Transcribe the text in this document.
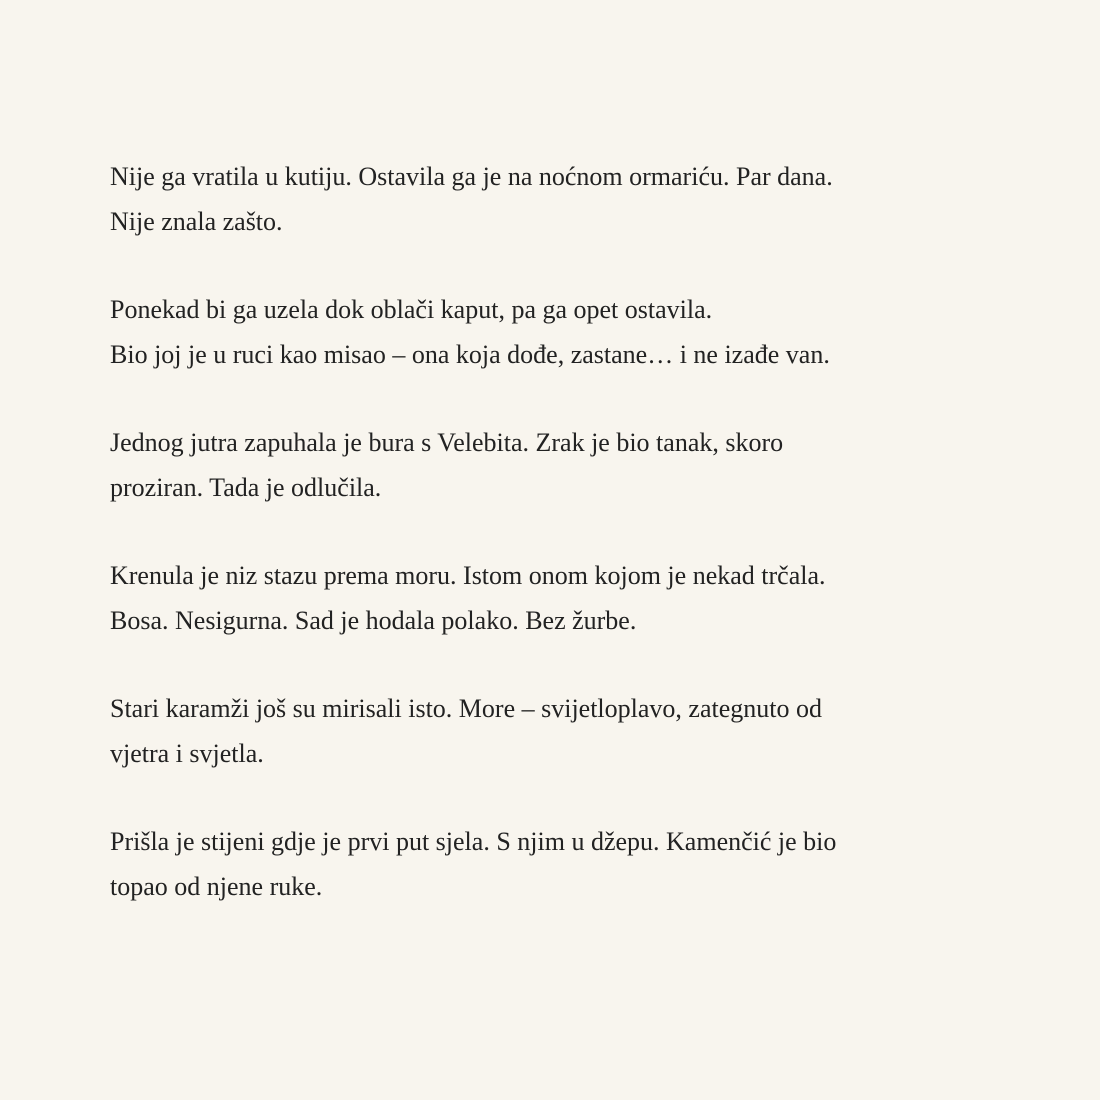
Nije ga vratila u kutiju. Ostavila ga je na noćnom ormariću. Par dana.
Nije znala zašto.
Ponekad bi ga uzela dok oblači kaput, pa ga opet ostavila.
Bio joj je u ruci kao misao – ona koja dođe, zastane… i ne izađe van.
Jednog jutra zapuhala je bura s Velebita. Zrak je bio tanak, skoro
proziran. Tada je odlučila.
Krenula je niz stazu prema moru. Istom onom kojom je nekad trčala.
Bosa. Nesigurna. Sad je hodala polako. Bez žurbe.
Stari karamži još su mirisali isto. More – svijetloplavo, zategnuto od
vjetra i svjetla.
Prišla je stijeni gdje je prvi put sjela. S njim u džepu. Kamenčić je bio
topao od njene ruke.
